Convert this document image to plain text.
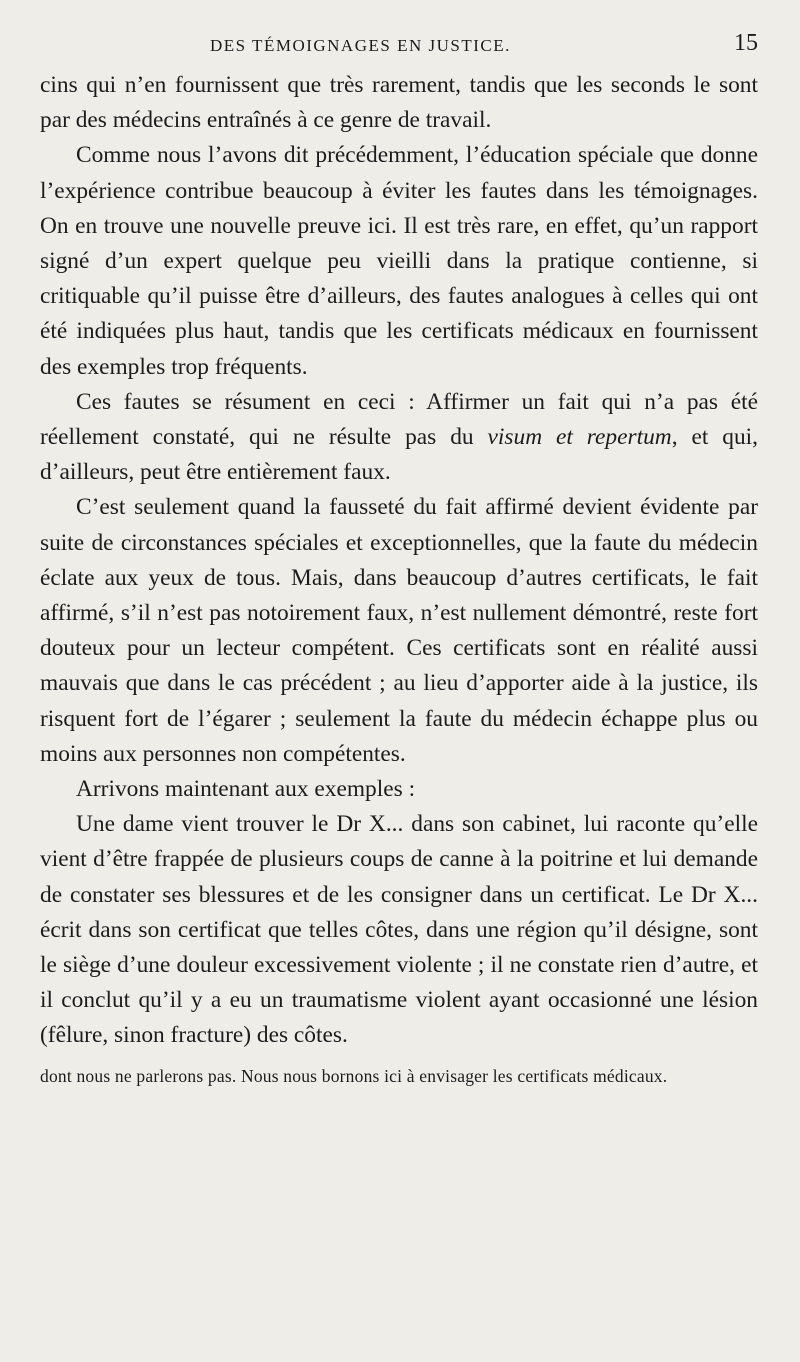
DES TÉMOIGNAGES EN JUSTICE.	15

cins qui n’en fournissent que très rarement, tandis que les seconds le sont par des médecins entraînés à ce genre de travail.

Comme nous l’avons dit précédemment, l’éducation spéciale que donne l’expérience contribue beaucoup à éviter les fautes dans les témoignages. On en trouve une nouvelle preuve ici. Il est très rare, en effet, qu’un rapport signé d’un expert quelque peu vieilli dans la pratique contienne, si critiquable qu’il puisse être d’ailleurs, des fautes analogues à celles qui ont été indiquées plus haut, tandis que les certificats médicaux en fournissent des exemples trop fréquents.

Ces fautes se résument en ceci : Affirmer un fait qui n’a pas été réellement constaté, qui ne résulte pas du visum et repertum, et qui, d’ailleurs, peut être entièrement faux.

C’est seulement quand la fausseté du fait affirmé devient évidente par suite de circonstances spéciales et exceptionnelles, que la faute du médecin éclate aux yeux de tous. Mais, dans beaucoup d’autres certificats, le fait affirmé, s’il n’est pas notoirement faux, n’est nullement démontré, reste fort douteux pour un lecteur compétent. Ces certificats sont en réalité aussi mauvais que dans le cas précédent ; au lieu d’apporter aide à la justice, ils risquent fort de l’égarer ; seulement la faute du médecin échappe plus ou moins aux personnes non compétentes.

Arrivons maintenant aux exemples :

Une dame vient trouver le Dr X... dans son cabinet, lui raconte qu’elle vient d’être frappée de plusieurs coups de canne à la poitrine et lui demande de constater ses blessures et de les consigner dans un certificat. Le Dr X... écrit dans son certificat que telles côtes, dans une région qu’il désigne, sont le siège d’une douleur excessivement violente ; il ne constate rien d’autre, et il conclut qu’il y a eu un traumatisme violent ayant occasionné une lésion (fêlure, sinon fracture) des côtes.

dont nous ne parlerons pas. Nous nous bornons ici à envisager les certificats médicaux.
